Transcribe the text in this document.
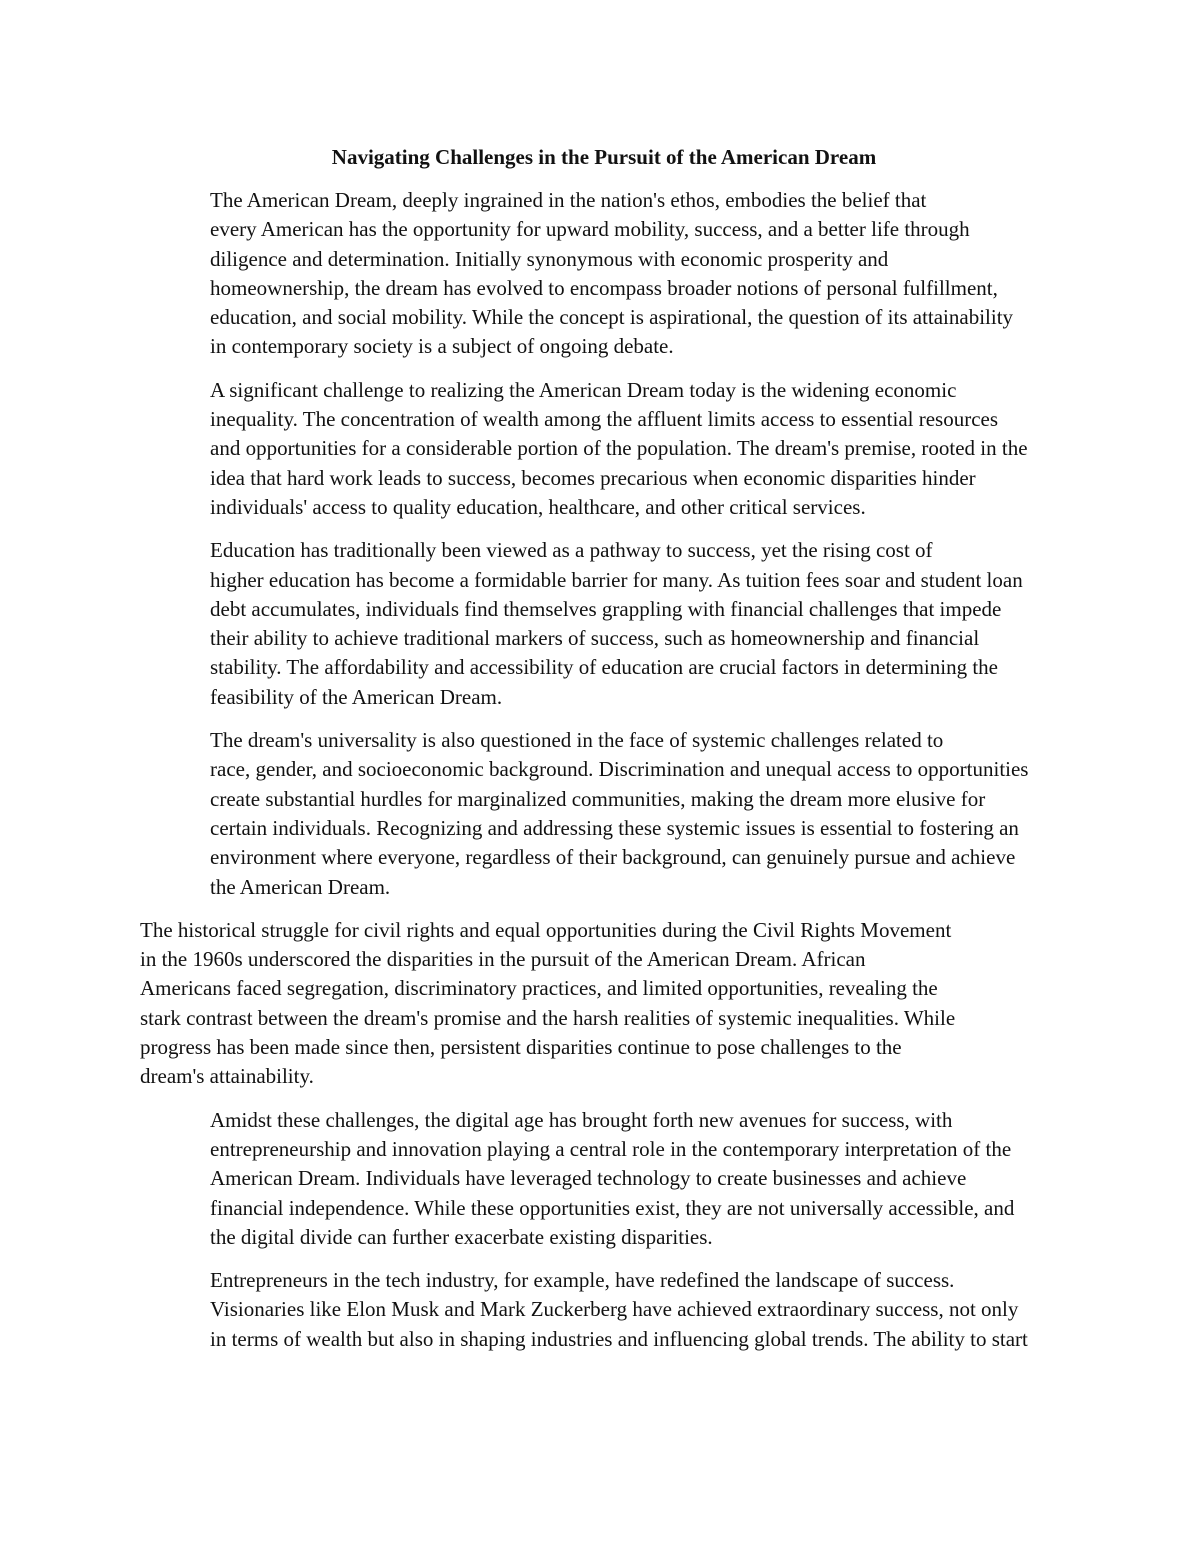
Navigating Challenges in the Pursuit of the American Dream
The American Dream, deeply ingrained in the nation's ethos, embodies the belief that
every American has the opportunity for upward mobility, success, and a better life through
diligence and determination. Initially synonymous with economic prosperity and
homeownership, the dream has evolved to encompass broader notions of personal fulfillment,
education, and social mobility. While the concept is aspirational, the question of its attainability
in contemporary society is a subject of ongoing debate.
A significant challenge to realizing the American Dream today is the widening economic
inequality. The concentration of wealth among the affluent limits access to essential resources
and opportunities for a considerable portion of the population. The dream's premise, rooted in the
idea that hard work leads to success, becomes precarious when economic disparities hinder
individuals' access to quality education, healthcare, and other critical services.
Education has traditionally been viewed as a pathway to success, yet the rising cost of
higher education has become a formidable barrier for many. As tuition fees soar and student loan
debt accumulates, individuals find themselves grappling with financial challenges that impede
their ability to achieve traditional markers of success, such as homeownership and financial
stability. The affordability and accessibility of education are crucial factors in determining the
feasibility of the American Dream.
The dream's universality is also questioned in the face of systemic challenges related to
race, gender, and socioeconomic background. Discrimination and unequal access to opportunities
create substantial hurdles for marginalized communities, making the dream more elusive for
certain individuals. Recognizing and addressing these systemic issues is essential to fostering an
environment where everyone, regardless of their background, can genuinely pursue and achieve
the American Dream.
The historical struggle for civil rights and equal opportunities during the Civil Rights Movement
in the 1960s underscored the disparities in the pursuit of the American Dream. African
Americans faced segregation, discriminatory practices, and limited opportunities, revealing the
stark contrast between the dream's promise and the harsh realities of systemic inequalities. While
progress has been made since then, persistent disparities continue to pose challenges to the
dream's attainability.
Amidst these challenges, the digital age has brought forth new avenues for success, with
entrepreneurship and innovation playing a central role in the contemporary interpretation of the
American Dream. Individuals have leveraged technology to create businesses and achieve
financial independence. While these opportunities exist, they are not universally accessible, and
the digital divide can further exacerbate existing disparities.
Entrepreneurs in the tech industry, for example, have redefined the landscape of success.
Visionaries like Elon Musk and Mark Zuckerberg have achieved extraordinary success, not only
in terms of wealth but also in shaping industries and influencing global trends. The ability to start
